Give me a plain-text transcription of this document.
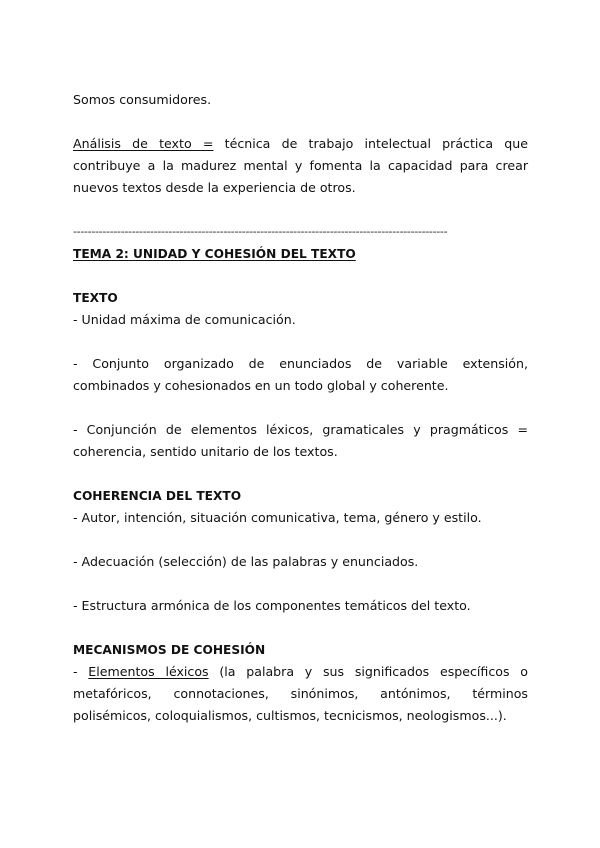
Somos consumidores.

Análisis de texto = técnica de trabajo intelectual práctica que contribuye a la madurez mental y fomenta la capacidad para crear nuevos textos desde la experiencia de otros.

------------------------------------------------------------------------------------------------------

TEMA 2: UNIDAD Y COHESIÓN DEL TEXTO

TEXTO

- Unidad máxima de comunicación.

- Conjunto organizado de enunciados de variable extensión, combinados y cohesionados en un todo global y coherente.

- Conjunción de elementos léxicos, gramaticales y pragmáticos = coherencia, sentido unitario de los textos.

COHERENCIA DEL TEXTO

- Autor, intención, situación comunicativa, tema, género y estilo.

- Adecuación (selección) de las palabras y enunciados.

- Estructura armónica de los componentes temáticos del texto.

MECANISMOS DE COHESIÓN

- Elementos léxicos (la palabra y sus significados específicos o metafóricos, connotaciones, sinónimos, antónimos, términos polisémicos, coloquialismos, cultismos, tecnicismos, neologismos...).
